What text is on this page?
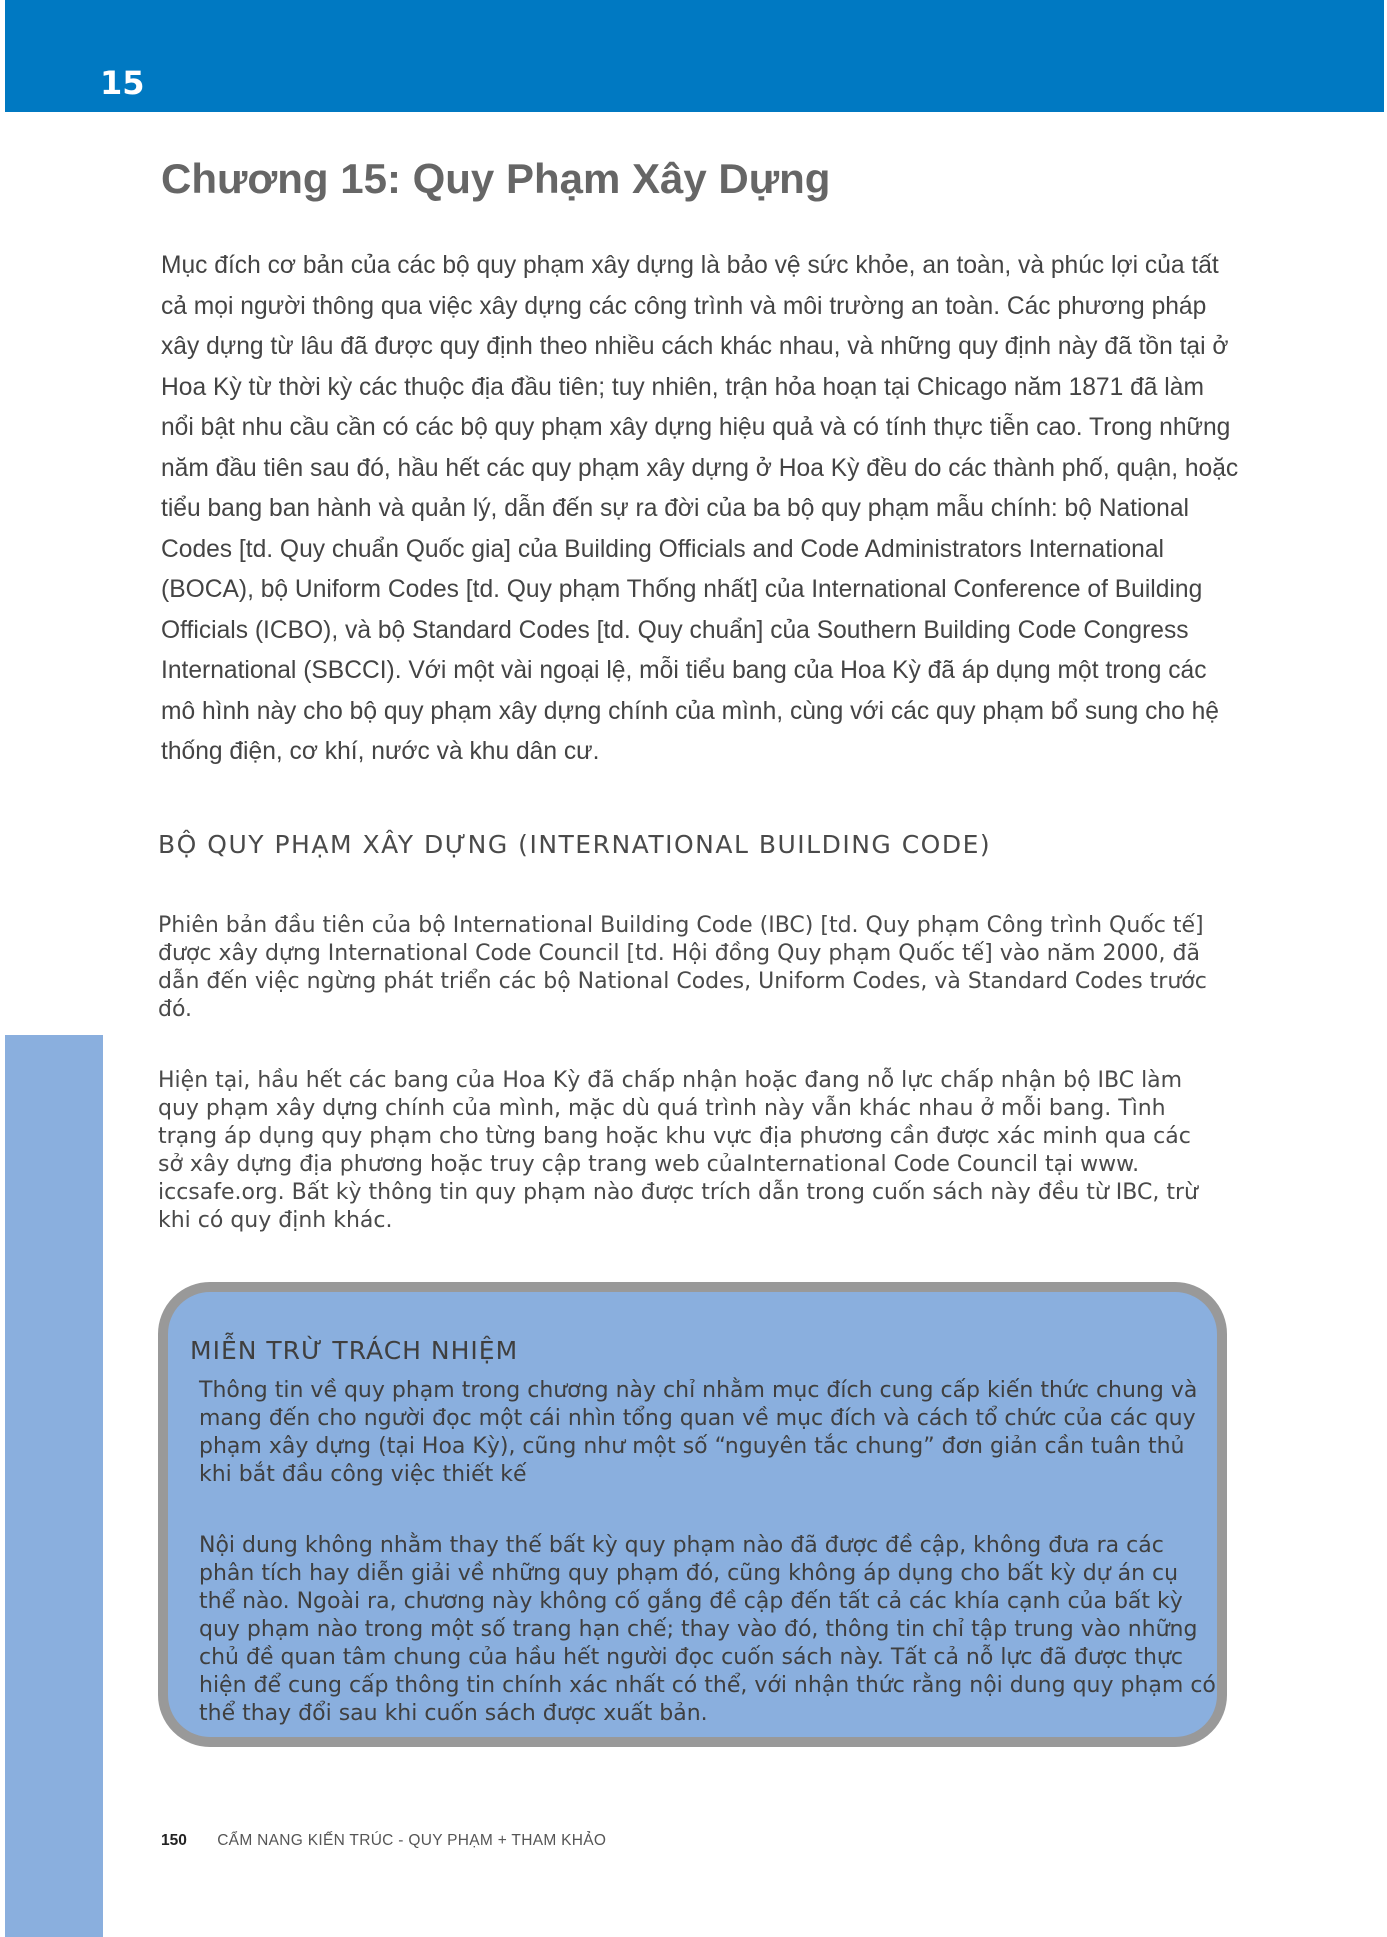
15
Chương 15: Quy Phạm Xây Dựng

Mục đích cơ bản của các bộ quy phạm xây dựng là bảo vệ sức khỏe, an toàn, và phúc lợi của tất cả mọi người thông qua việc xây dựng các công trình và môi trường an toàn. Các phương pháp xây dựng từ lâu đã được quy định theo nhiều cách khác nhau, và những quy định này đã tồn tại ở Hoa Kỳ từ thời kỳ các thuộc địa đầu tiên; tuy nhiên, trận hỏa hoạn tại Chicago năm 1871 đã làm nổi bật nhu cầu cần có các bộ quy phạm xây dựng hiệu quả và có tính thực tiễn cao. Trong những năm đầu tiên sau đó, hầu hết các quy phạm xây dựng ở Hoa Kỳ đều do các thành phố, quận, hoặc tiểu bang ban hành và quản lý, dẫn đến sự ra đời của ba bộ quy phạm mẫu chính: bộ National Codes [td. Quy chuẩn Quốc gia] của Building Officials and Code Administrators International (BOCA), bộ Uniform Codes [td. Quy phạm Thống nhất] của International Conference of Building Officials (ICBO), và bộ Standard Codes [td. Quy chuẩn] của Southern Building Code Congress International (SBCCI). Với một vài ngoại lệ, mỗi tiểu bang của Hoa Kỳ đã áp dụng một trong các mô hình này cho bộ quy phạm xây dựng chính của mình, cùng với các quy phạm bổ sung cho hệ thống điện, cơ khí, nước và khu dân cư.

BỘ QUY PHẠM XÂY DỰNG (INTERNATIONAL BUILDING CODE)

Phiên bản đầu tiên của bộ International Building Code (IBC) [td. Quy phạm Công trình Quốc tế] được xây dựng International Code Council [td. Hội đồng Quy phạm Quốc tế] vào năm 2000, đã dẫn đến việc ngừng phát triển các bộ National Codes, Uniform Codes, và Standard Codes trước đó.

Hiện tại, hầu hết các bang của Hoa Kỳ đã chấp nhận hoặc đang nỗ lực chấp nhận bộ IBC làm quy phạm xây dựng chính của mình, mặc dù quá trình này vẫn khác nhau ở mỗi bang. Tình trạng áp dụng quy phạm cho từng bang hoặc khu vực địa phương cần được xác minh qua các sở xây dựng địa phương hoặc truy cập trang web củaInternational Code Council tại www. iccsafe.org. Bất kỳ thông tin quy phạm nào được trích dẫn trong cuốn sách này đều từ IBC, trừ khi có quy định khác.

MIỄN TRỪ TRÁCH NHIỆM

Thông tin về quy phạm trong chương này chỉ nhằm mục đích cung cấp kiến thức chung và mang đến cho người đọc một cái nhìn tổng quan về mục đích và cách tổ chức của các quy phạm xây dựng (tại Hoa Kỳ), cũng như một số “nguyên tắc chung” đơn giản cần tuân thủ khi bắt đầu công việc thiết kế

Nội dung không nhằm thay thế bất kỳ quy phạm nào đã được đề cập, không đưa ra các phân tích hay diễn giải về những quy phạm đó, cũng không áp dụng cho bất kỳ dự án cụ thể nào. Ngoài ra, chương này không cố gắng đề cập đến tất cả các khía cạnh của bất kỳ quy phạm nào trong một số trang hạn chế; thay vào đó, thông tin chỉ tập trung vào những chủ đề quan tâm chung của hầu hết người đọc cuốn sách này. Tất cả nỗ lực đã được thực hiện để cung cấp thông tin chính xác nhất có thể, với nhận thức rằng nội dung quy phạm có thể thay đổi sau khi cuốn sách được xuất bản.

150 CẨM NANG KIẾN TRÚC - QUY PHẠM + THAM KHẢO
